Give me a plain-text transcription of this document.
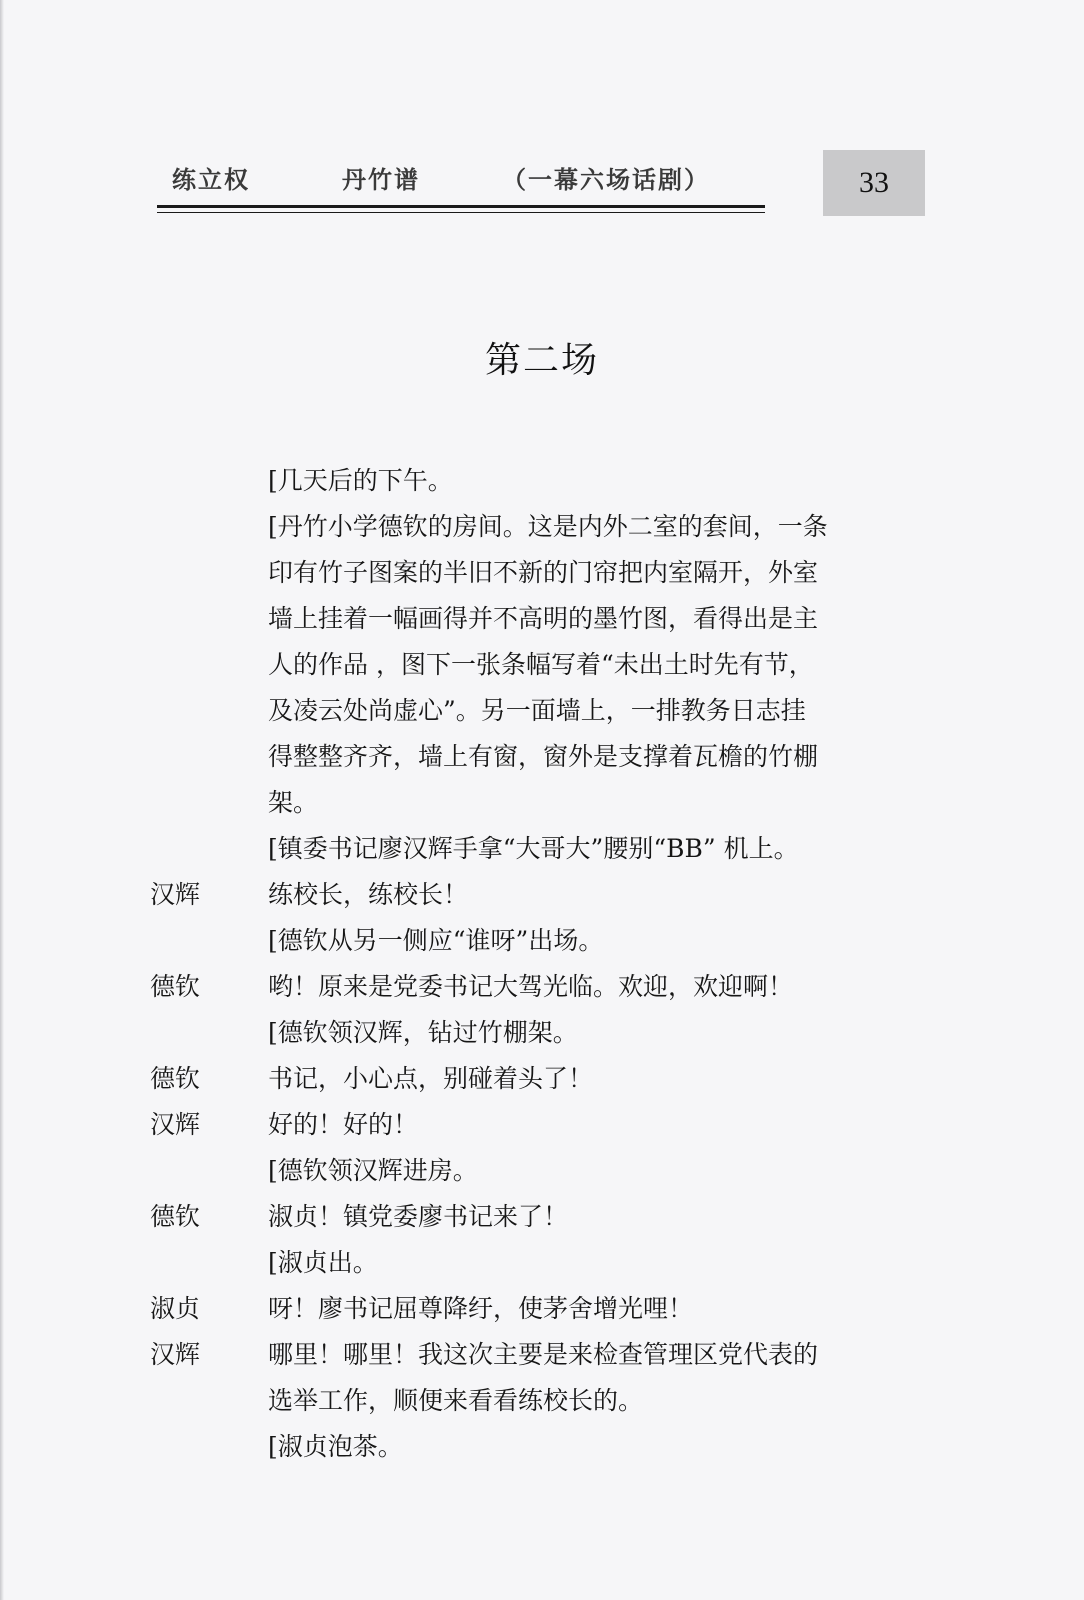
练立权	丹竹谱	（一幕六场话剧）	33
第二场
[几天后的下午。
[丹竹小学德钦的房间。这是内外二室的套间，一条
印有竹子图案的半旧不新的门帘把内室隔开，外室
墙上挂着一幅画得并不高明的墨竹图，看得出是主
人的作品 ，图下一张条幅写着“未出土时先有节，
及凌云处尚虚心”。另一面墙上，一排教务日志挂
得整整齐齐，墙上有窗，窗外是支撑着瓦檐的竹棚
架。
[镇委书记廖汉辉手拿“大哥大”腰别“BB” 机上。
汉辉	练校长，练校长！
[德钦从另一侧应“谁呀”出场。
德钦	哟！原来是党委书记大驾光临。欢迎，欢迎啊！
[德钦领汉辉，钻过竹棚架。
德钦	书记，小心点，别碰着头了！
汉辉	好的！好的！
[德钦领汉辉进房。
德钦	淑贞！镇党委廖书记来了！
[淑贞出。
淑贞	呀！廖书记屈尊降纡，使茅舍增光哩！
汉辉	哪里！哪里！我这次主要是来检查管理区党代表的
选举工作，顺便来看看练校长的。
[淑贞泡茶。
